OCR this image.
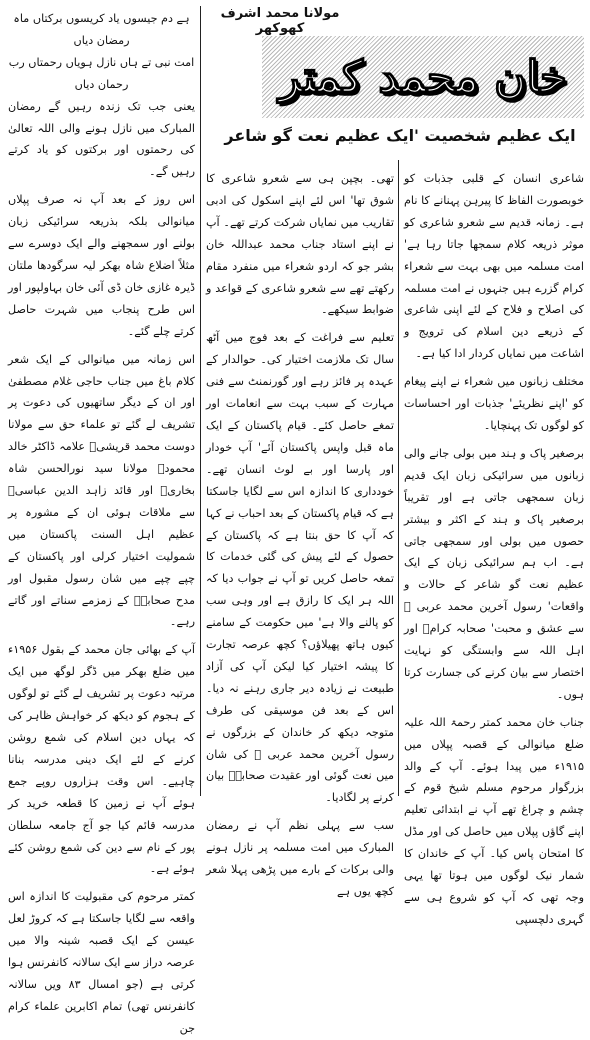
ہے دم جیسوں یاد کریسوں برکتاں ماہ رمضان دیاں

امت نبی تے ہاں نازل ہویاں رحمتاں رب رحمان دیاں

یعنی جب تک زندہ رہیں گے رمضان المبارک میں نازل ہونے والی اللہ تعالیٰ کی رحمتوں اور برکتوں کو یاد کرتے رہیں گے۔

اس روز کے بعد آپ نہ صرف پپلاں میانوالی بلکہ بذریعہ سرائیکی زبان بولنے اور سمجھنے والے ایک دوسرے سے مثلاً اضلاع شاہ بھکر لیہ سرگودھا ملتان ڈیرہ غازی خان ڈی آئی خان بہاولپور اور اس طرح پنجاب میں شہرت حاصل کرتے چلے گئے۔

اس زمانہ میں میانوالی کے ایک شعر کلام باغ میں جناب حاجی غلام مصطفیٰ اور ان کے دیگر ساتھیوں کی دعوت پر تشریف لے گئے تو علماء حق سے مولانا دوست محمد قریشیؒ علامہ ڈاکٹر خالد محمودؒ مولانا سید نورالحسن شاہ بخاریؒ اور قائد زاہد الدین عباسیؒ سے ملاقات ہوئی ان کے مشورہ پر عظیم اہل السنت پاکستان میں شمولیت اختیار کرلی اور پاکستان کے چپے چپے میں شان رسول مقبول اور مدح صحابہؓ کے زمزمے سناتے اور گاتے رہے۔

آپ کے بھائی جان محمد کے بقول ۱۹۵۶ء میں ضلع بھکر میں ڈگر لوگھ میں ایک مرتبہ دعوت پر تشریف لے گئے تو لوگوں کے ہجوم کو دیکھ کر خواہش ظاہر کی کہ یہاں دین اسلام کی شمع روشن کرنے کے لئے ایک دینی مدرسہ بنانا چاہیے۔ اس وقت ہزاروں روپے جمع ہوئے آپ نے زمین کا قطعہ خرید کر مدرسہ قائم کیا جو آج جامعہ سلطان پور کے نام سے دین کی شمع روشن کئے ہوئے ہے۔

کمتر مرحوم کی مقبولیت کا اندازہ اس واقعہ سے لگایا جاسکتا ہے کہ کروڑ لعل عیسن کے ایک قصبہ شینہ والا میں عرصہ دراز سے ایک سالانہ کانفرنس ہوا کرتی ہے (جو امسال ۸۳ ویں سالانہ کانفرنس تھی) تمام اکابرین علماء کرام جن

مولانا محمد اشرف کھوکھر
خان محمد کمتر
ایک عظیم شخصیت 'ایک عظیم نعت گو شاعر

تھی۔ بچپن ہی سے شعرو شاعری کا شوق تھا' اس لئے اپنے اسکول کی ادبی تقاریب میں نمایاں شرکت کرتے تھے۔ آپ نے اپنے استاد جناب محمد عبداللہ خان بشر جو کہ اردو شعراء میں منفرد مقام رکھتے تھے سے شعرو شاعری کے قواعد و ضوابط سیکھے۔

تعلیم سے فراغت کے بعد فوج میں آٹھ سال تک ملازمت اختیار کی۔ حوالدار کے عہدہ پر فائز رہے اور گورنمنٹ سے فنی مہارت کے سبب بہت سے انعامات اور تمغے حاصل کئے۔ قیام پاکستان کے ایک ماہ قبل واپس پاکستان آئے' آپ خودار اور پارسا اور بے لوث انسان تھے۔ خودداری کا اندازہ اس سے لگایا جاسکتا ہے کہ قیام پاکستان کے بعد احباب نے کہا کہ آپ کا حق بنتا ہے کہ پاکستان کے حصول کے لئے پیش کی گئی خدمات کا تمغہ حاصل کریں تو آپ نے جواب دیا کہ اللہ ہر ایک کا رازق ہے اور وہی سب کو پالنے والا ہے' میں حکومت کے سامنے کیوں ہاتھ پھیلاؤں؟ کچھ عرصہ تجارت کا پیشہ اختیار کیا لیکن آپ کی آزاد طبیعت نے زیادہ دیر جاری رہنے نہ دیا۔ اس کے بعد فن موسیقی کی طرف متوجہ دیکھ کر خاندان کے بزرگوں نے رسول آخرین محمد عربی ﷺ کی شان میں نعت گوئی اور عقیدت صحابہؓ بیان کرنے پر لگادیا۔

سب سے پہلی نظم آپ نے رمضان المبارک میں امت مسلمہ پر نازل ہونے والی برکات کے بارے میں پڑھی پہلا شعر کچھ یوں ہے

شاعری انسان کے قلبی جذبات کو خوبصورت الفاظ کا پیرہن پہنانے کا نام ہے۔ زمانہ قدیم سے شعرو شاعری کو موثر ذریعہ کلام سمجھا جاتا رہا ہے' امت مسلمہ میں بھی بہت سے شعراء کرام گزرے ہیں جنہوں نے امت مسلمہ کی اصلاح و فلاح کے لئے اپنی شاعری کے ذریعے دین اسلام کی ترویج و اشاعت میں نمایاں کردار ادا کیا ہے۔

مختلف زبانوں میں شعراء نے اپنے پیغام کو 'اپنے نظریئے' جذبات اور احساسات کو لوگوں تک پہنچایا۔

برصغیر پاک و ہند میں بولی جانے والی زبانوں میں سرائیکی زبان ایک قدیم زبان سمجھی جاتی ہے اور تقریباً برصغیر پاک و ہند کے اکثر و بیشتر حصوں میں بولی اور سمجھی جاتی ہے۔ اب ہم سرائیکی زبان کے ایک عظیم نعت گو شاعر کے حالات و واقعات' رسول آخرین محمد عربی ﷺ سے عشق و محبت' صحابہ کرامؓ اور اہل اللہ سے وابستگی کو نہایت اختصار سے بیان کرنے کی جسارت کرتا ہوں۔

جناب خان محمد کمتر رحمۃ اللہ علیہ ضلع میانوالی کے قصبہ پپلاں میں ۱۹۱۵ء میں پیدا ہوئے۔ آپ کے والد بزرگوار مرحوم مسلم شیخ قوم کے چشم و چراغ تھے آپ نے ابتدائی تعلیم اپنے گاؤں پپلاں میں حاصل کی اور مڈل کا امتحان پاس کیا۔ آپ کے خاندان کا شمار نیک لوگوں میں ہوتا تھا یہی وجہ تھی کہ آپ کو شروع ہی سے گہری دلچسپی
